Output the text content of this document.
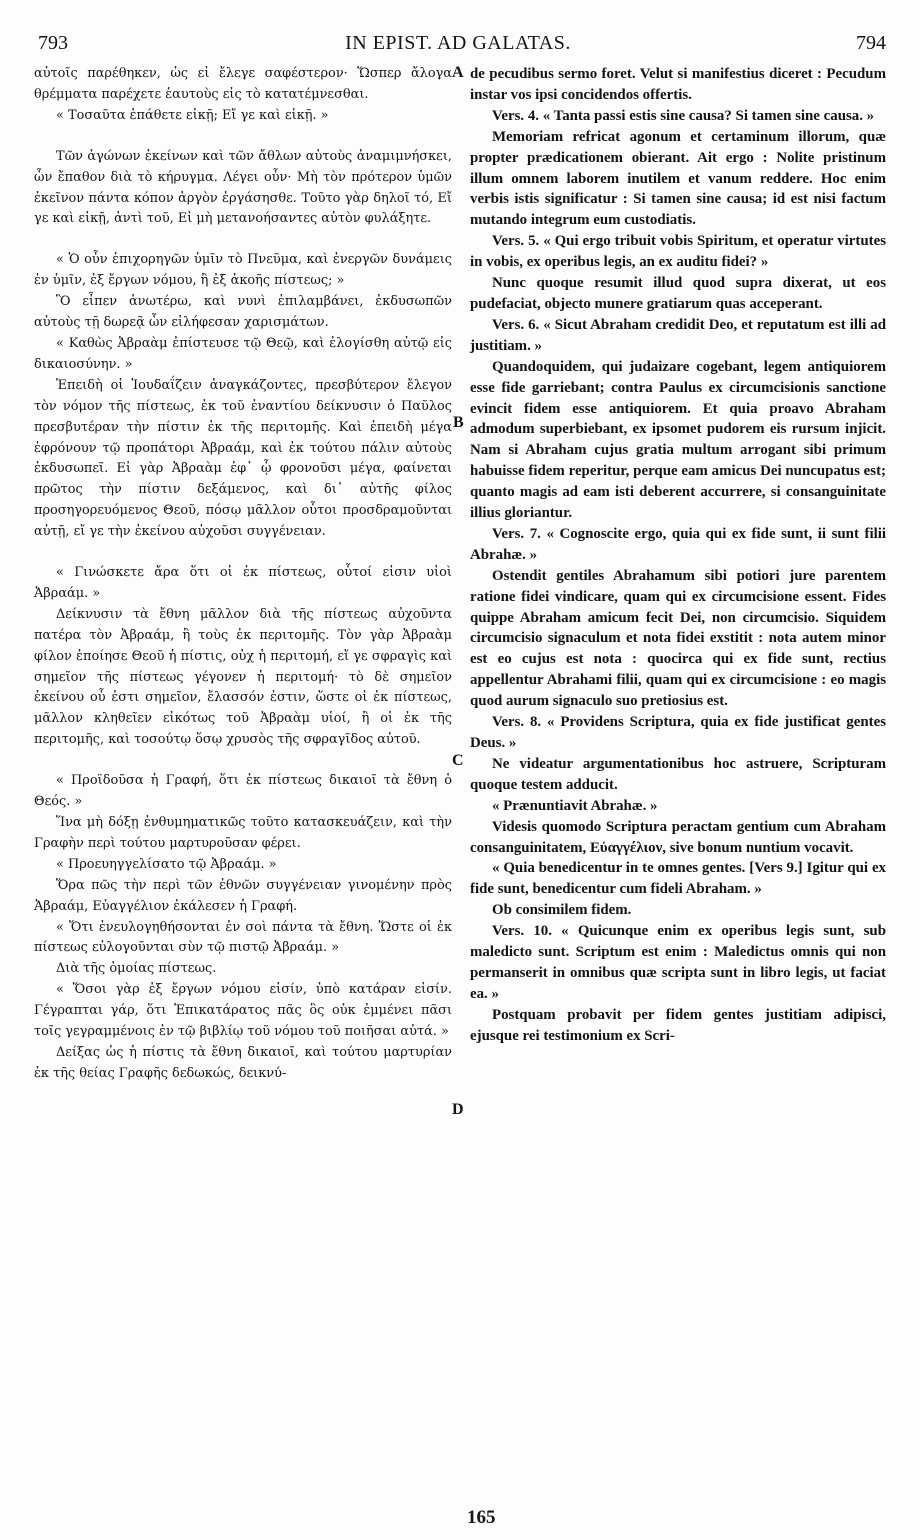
793	IN EPIST. AD GALATAS.	794

αὐτοῖς παρέθηκεν, ὡς εἰ ἔλεγε σαφέστερον· Ὥσπερ ἄλογα θρέμματα παρέχετε ἑαυτοὺς εἰς τὸ κατατέμνεσθαι.

« Τοσαῦτα ἐπάθετε εἰκῇ; Εἴ γε καὶ εἰκῇ. »

Τῶν ἀγώνων ἐκείνων καὶ τῶν ἄθλων αὐτοὺς ἀναμιμνήσκει, ὧν ἔπαθον διὰ τὸ κήρυγμα. Λέγει οὖν· Μὴ τὸν πρότερον ὑμῶν ἐκεῖνον πάντα κόπον ἀργὸν ἐργάσησθε. Τοῦτο γὰρ δηλοῖ τό, Εἴ γε καὶ εἰκῇ, ἀντὶ τοῦ, Εἰ μὴ μετανοήσαντες αὐτὸν φυλάξητε.

« Ὁ οὖν ἐπιχορηγῶν ὑμῖν τὸ Πνεῦμα, καὶ ἐνεργῶν δυνάμεις ἐν ὑμῖν, ἐξ ἔργων νόμου, ἢ ἐξ ἀκοῆς πίστεως; »

Ὃ εἶπεν ἀνωτέρω, καὶ νυνὶ ἐπιλαμβάνει, ἐκδυσωπῶν αὐτοὺς τῇ δωρεᾷ ὧν εἰλήφεσαν χαρισμάτων.

« Καθὼς Ἀβραὰμ ἐπίστευσε τῷ Θεῷ, καὶ ἐλογίσθη αὐτῷ εἰς δικαιοσύνην. »

Ἐπειδὴ οἱ Ἰουδαΐζειν ἀναγκάζοντες, πρεσβύτερον ἔλεγον τὸν νόμον τῆς πίστεως, ἐκ τοῦ ἐναντίου δείκνυσιν ὁ Παῦλος πρεσβυτέραν τὴν πίστιν ἐκ τῆς περιτομῆς. Καὶ ἐπειδὴ μέγα ἐφρόνουν τῷ προπάτορι Ἀβραάμ, καὶ ἐκ τούτου πάλιν αὐτοὺς ἐκδυσωπεῖ. Εἰ γὰρ Ἀβραὰμ ἐφ᾽ ᾧ φρονοῦσι μέγα, φαίνεται πρῶτος τὴν πίστιν δεξάμενος, καὶ δι᾽ αὐτῆς φίλος προσηγορευόμενος Θεοῦ, πόσῳ μᾶλλον οὗτοι προσδραμοῦνται αὐτῇ, εἴ γε τὴν ἐκείνου αὐχοῦσι συγγένειαν.

« Γινώσκετε ἄρα ὅτι οἱ ἐκ πίστεως, οὗτοί εἰσιν υἱοὶ Ἀβραάμ. »

Δείκνυσιν τὰ ἔθνη μᾶλλον διὰ τῆς πίστεως αὐχοῦντα πατέρα τὸν Ἀβραάμ, ἢ τοὺς ἐκ περιτομῆς. Τὸν γὰρ Ἀβραὰμ φίλον ἐποίησε Θεοῦ ἡ πίστις, οὐχ ἡ περιτομή, εἴ γε σφραγὶς καὶ σημεῖον τῆς πίστεως γέγονεν ἡ περιτομή· τὸ δὲ σημεῖον ἐκείνου οὗ ἐστι σημεῖον, ἔλασσόν ἐστιν, ὥστε οἱ ἐκ πίστεως, μᾶλλον κληθεῖεν εἰκότως τοῦ Ἀβραὰμ υἱοί, ἢ οἱ ἐκ τῆς περιτομῆς, καὶ τοσούτῳ ὅσῳ χρυσὸς τῆς σφραγῖδος αὐτοῦ.

« Προϊδοῦσα ἡ Γραφή, ὅτι ἐκ πίστεως δικαιοῖ τὰ ἔθνη ὁ Θεός. »

Ἵνα μὴ δόξῃ ἐνθυμηματικῶς τοῦτο κατασκευάζειν, καὶ τὴν Γραφὴν περὶ τούτου μαρτυροῦσαν φέρει.

« Προευηγγελίσατο τῷ Ἀβραάμ. »

Ὅρα πῶς τὴν περὶ τῶν ἐθνῶν συγγένειαν γινομένην πρὸς Ἀβραάμ, Εὐαγγέλιον ἐκάλεσεν ἡ Γραφή.

« Ὅτι ἐνευλογηθήσονται ἐν σοὶ πάντα τὰ ἔθνη. Ὥστε οἱ ἐκ πίστεως εὐλογοῦνται σὺν τῷ πιστῷ Ἀβραάμ. »

Διὰ τῆς ὁμοίας πίστεως.

« Ὅσοι γὰρ ἐξ ἔργων νόμου εἰσίν, ὑπὸ κατάραν εἰσίν. Γέγραπται γάρ, ὅτι Ἐπικατάρατος πᾶς ὃς οὐκ ἐμμένει πᾶσι τοῖς γεγραμμένοις ἐν τῷ βιβλίῳ τοῦ νόμου τοῦ ποιῆσαι αὐτά. »

Δείξας ὡς ἡ πίστις τὰ ἔθνη δικαιοῖ, καὶ τούτου μαρτυρίαν ἐκ τῆς θείας Γραφῆς δεδωκώς, δεικνύ-

de pecudibus sermo foret. Velut si manifestius diceret : Pecudum instar vos ipsi concidendos offertis.

Vers. 4. « Tanta passi estis sine causa? Si tamen sine causa. »

Memoriam refricat agonum et certaminum illorum, quæ propter prædicationem obierant. Ait ergo : Nolite pristinum illum omnem laborem inutilem et vanum reddere. Hoc enim verbis istis significatur : Si tamen sine causa; id est nisi factum mutando integrum eum custodiatis.

Vers. 5. « Qui ergo tribuit vobis Spiritum, et operatur virtutes in vobis, ex operibus legis, an ex auditu fidei? »

Nunc quoque resumit illud quod supra dixerat, ut eos pudefaciat, objecto munere gratiarum quas acceperant.

Vers. 6. « Sicut Abraham credidit Deo, et reputatum est illi ad justitiam. »

Quandoquidem, qui judaizare cogebant, legem antiquiorem esse fide garriebant; contra Paulus ex circumcisionis sanctione evincit fidem esse antiquiorem. Et quia proavo Abraham admodum superbiebant, ex ipsomet pudorem eis rursum injicit. Nam si Abraham cujus gratia multum arrogant sibi primum habuisse fidem reperitur, perque eam amicus Dei nuncupatus est; quanto magis ad eam isti deberent accurrere, si consanguinitate illius gloriantur.

Vers. 7. « Cognoscite ergo, quia qui ex fide sunt, ii sunt filii Abrahæ. »

Ostendit gentiles Abrahamum sibi potiori jure parentem ratione fidei vindicare, quam qui ex circumcisione essent. Fides quippe Abraham amicum fecit Dei, non circumcisio. Siquidem circumcisio signaculum et nota fidei exstitit : nota autem minor est eo cujus est nota : quocirca qui ex fide sunt, rectius appellentur Abrahami filii, quam qui ex circumcisione : eo magis quod aurum signaculo suo pretiosius est.

Vers. 8. « Providens Scriptura, quia ex fide justificat gentes Deus. »

Ne videatur argumentationibus hoc astruere, Scripturam quoque testem adducit.

« Prænuntiavit Abrahæ. »

Videsis quomodo Scriptura peractam gentium cum Abraham consanguinitatem, Εὐαγγέλιον, sive bonum nuntium vocavit.

« Quia benedicentur in te omnes gentes. [Vers 9.] Igitur qui ex fide sunt, benedicentur cum fideli Abraham. »

Ob consimilem fidem.

Vers. 10. « Quicunque enim ex operibus legis sunt, sub maledicto sunt. Scriptum est enim : Maledictus omnis qui non permanserit in omnibus quæ scripta sunt in libro legis, ut faciat ea. »

Postquam probavit per fidem gentes justitiam adipisci, ejusque rei testimonium ex Scri-

A
B
C
D
165
